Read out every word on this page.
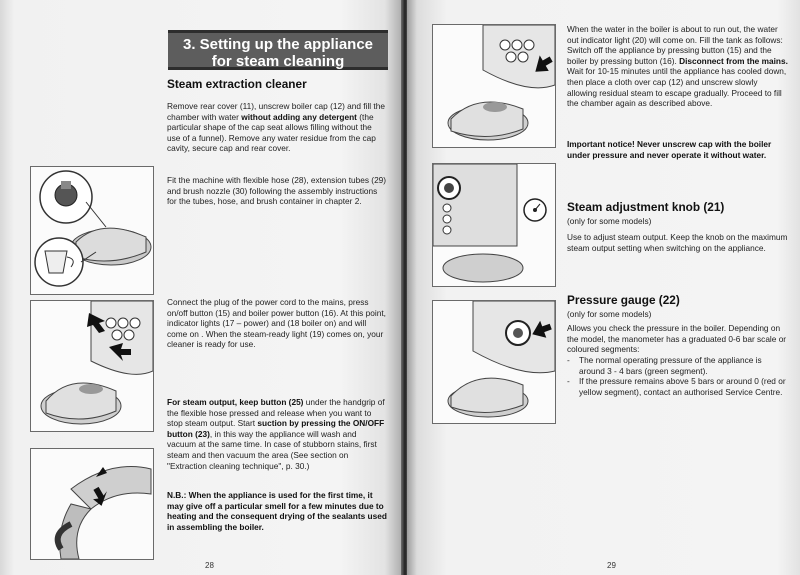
3. Setting up the appliance
for steam cleaning
Steam extraction cleaner

Remove rear cover (11), unscrew boiler cap (12) and fill the chamber with water without adding any detergent (the particular shape of the cap seat allows filling without the use of a funnel). Remove any water residue from the cap cavity, secure cap and rear cover.

Fit the machine with flexible hose (28), extension tubes (29) and brush nozzle (30) following the assembly instructions for the tubes, hose, and brush container in chapter 2.

Connect the plug of the power cord to the mains, press on/off button (15) and boiler power button (16). At this point, indicator lights (17 – power) and (18 boiler on) and will come on . When the steam-ready light (19) comes on, your cleaner is ready for use.

For steam output, keep button (25) under the handgrip of the flexible hose pressed and release when you want to stop steam output. Start suction by pressing the ON/OFF button (23), in this way the appliance will wash and vacuum at the same time. In case of stubborn stains, first steam and then vacuum the area (See section on "Extraction cleaning technique", p. 30.)

N.B.: When the appliance is used for the first time, it may give off a particular smell for a few minutes due to heating and the consequent drying of the sealants used in assembling the boiler.

28

When the water in the boiler is about to run out, the water out indicator light (20) will come on. Fill the tank as follows: Switch off the appliance by pressing button (15) and the boiler by pressing button (16). Disconnect from the mains. Wait for 10-15 minutes until the appliance has cooled down, then place a cloth over cap (12) and unscrew slowly allowing residual steam to escape gradually. Proceed to fill the chamber again as described above.

Important notice! Never unscrew cap with the boiler under pressure and never operate it without water.

Steam adjustment knob (21)

(only for some models)

Use to adjust steam output. Keep the knob on the maximum steam output setting when switching on the appliance.

Pressure gauge (22)

(only for some models)

Allows you check the pressure in the boiler. Depending on the model, the manometer has a graduated 0-6 bar scale or coloured segments:

- The normal operating pressure of the appliance is around 3 - 4 bars (green segment).
- If the pressure remains above 5 bars or around 0 (red or yellow segment), contact an authorised Service Centre.
29
